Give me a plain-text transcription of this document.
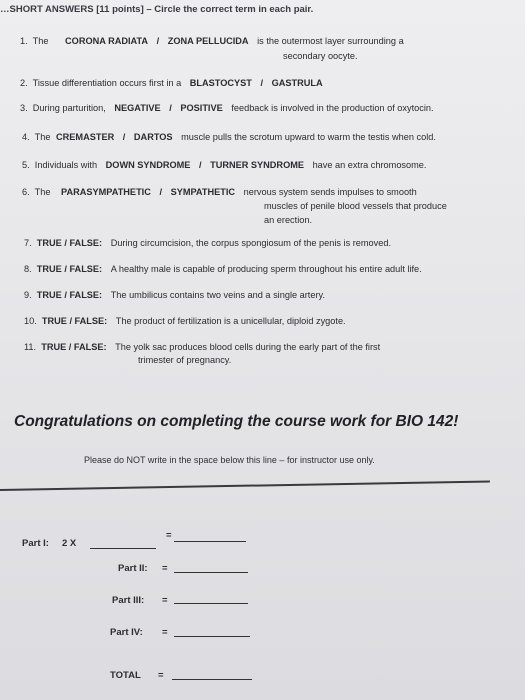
…SHORT ANSWERS [11 points] – Circle the correct term in each pair.
1. The CORONA RADIATA / ZONA PELLUCIDA is the outermost layer surrounding a
secondary oocyte.
2. Tissue differentiation occurs first in a BLASTOCYST / GASTRULA
3. During parturition, NEGATIVE / POSITIVE feedback is involved in the production of oxytocin.
4. The CREMASTER / DARTOS muscle pulls the scrotum upward to warm the testis when cold.
5. Individuals with DOWN SYNDROME / TURNER SYNDROME have an extra chromosome.
6. The PARASYMPATHETIC / SYMPATHETIC nervous system sends impulses to smooth
muscles of penile blood vessels that produce
an erection.
7. TRUE / FALSE: During circumcision, the corpus spongiosum of the penis is removed.
8. TRUE / FALSE: A healthy male is capable of producing sperm throughout his entire adult life.
9. TRUE / FALSE: The umbilicus contains two veins and a single artery.
10. TRUE / FALSE: The product of fertilization is a unicellular, diploid zygote.
11. TRUE / FALSE: The yolk sac produces blood cells during the early part of the first
trimester of pregnancy.
Congratulations on completing the course work for BIO 142!
Please do NOT write in the space below this line – for instructor use only.
Part I: 2 X
=
Part II: =
Part III: =
Part IV: =
TOTAL =
